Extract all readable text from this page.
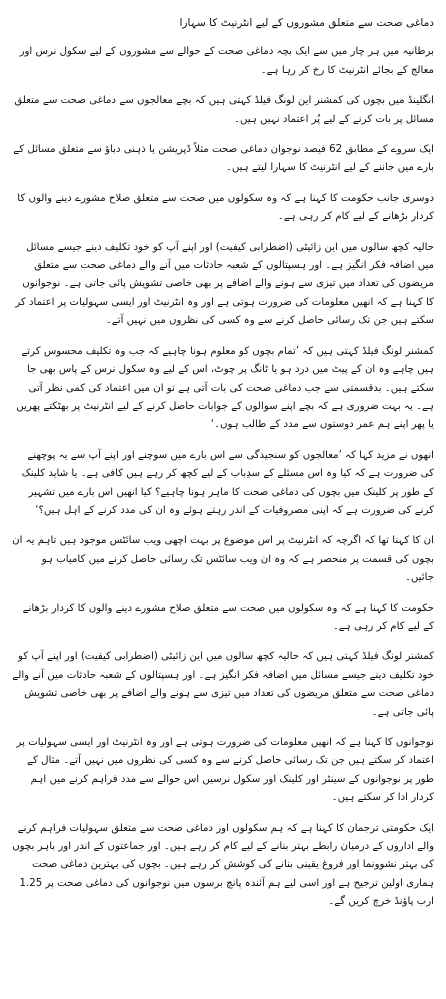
دماغی صحت سے متعلق مشوروں کے لیے انٹرنیٹ کا سہارا

برطانیہ میں ہر چار میں سے ایک بچہ دماغی صحت کے حوالے سے مشوروں کے لیے سکول نرس اور معالج کے بجائے انٹرنیٹ کا رخ کر رہا ہے۔

انگلینڈ میں بچوں کی کمشنر این لونگ فیلڈ کہتی ہیں کہ بچے معالجوں سے دماغی صحت سے متعلق مسائل پر بات کرنے کے لیے پُر اعتماد نہیں ہیں۔

ایک سروے کے مطابق 62 فیصد نوجوان دماغی صحت مثلاً ڈپریشن یا ذہنی دباؤ سے متعلق مسائل کے بارے میں جاننے کے لیے انٹرنیٹ کا سہارا لیتے ہیں۔

دوسری جانب حکومت کا کہنا ہے کہ وہ سکولوں میں صحت سے متعلق صلاح مشورے دینے والوں کا کردار بڑھانے کے لیے کام کر رہی ہے۔

حالیہ کچھ سالوں میں این زائیٹی (اضطرابی کیفیت) اور اپنے آپ کو خود تکلیف دینے جیسے مسائل میں اضافہ فکر انگیز ہے۔ اور ہسپتالوں کے شعبہ حادثات میں آنے والے دماغی صحت سے متعلق مریضوں کی تعداد میں تیزی سے ہونے والے اضافے پر بھی خاصی تشویش پائی جاتی ہے۔ نوجوانوں کا کہنا ہے کہ انھیں معلومات کی ضرورت ہوتی ہے اور وہ انٹرنیٹ اور ایسی سہولیات پر اعتماد کر سکتے ہیں جن تک رسائی حاصل کرنے سے وہ کسی کی نظروں میں نہیں آتے۔

کمشنر لونگ فیلڈ کہتی ہیں کہ ’تمام بچوں کو معلوم ہونا چاہیے کہ جب وہ تکلیف محسوس کرتے ہیں چاہے وہ ان کے پیٹ میں درد ہو یا ٹانگ پر چوٹ، اس کے لیے وہ سکول نرس کے پاس بھی جا سکتے ہیں۔ بدقسمتی سے جب دماغی صحت کی بات آتی ہے تو ان میں اعتماد کی کمی نظر آتی ہے۔ یہ بہت ضروری ہے کہ بچے اپنے سوالوں کے جوابات حاصل کرنے کے لیے انٹرنیٹ پر بھٹکتے پھریں یا پھر اپنے ہم عمر دوستوں سے مدد کے طالب ہوں۔‘

انھوں نے مزید کہا کہ ’معالجوں کو سنجیدگی سے اس بارے میں سوچنے اور اپنے آپ سے یہ پوچھنے کی ضرورت ہے کہ کیا وہ اس مسئلے کے سدِباب کے لیے کچھ کر رہے ہیں کافی ہے۔ یا شاید کلینک کے طور پر کلینک میں بچوں کی دماغی صحت کا ماہر ہونا چاہیے؟ کیا انھیں اس بارے میں تشہیر کرنے کی ضرورت ہے کہ اپنی مصروفیات کے اندر رہتے ہوئے وہ ان کی مدد کرنے کے اہل ہیں؟‘

ان کا کہنا تھا کہ اگرچہ کہ انٹرنیٹ پر اس موضوع پر بہت اچھی ویب سائٹس موجود ہیں تاہم یہ ان بچوں کی قسمت پر منحصر ہے کہ وہ ان ویب سائٹس تک رسائی حاصل کرنے میں کامیاب ہو جائیں۔

حکومت کا کہنا ہے کہ وہ سکولوں میں صحت سے متعلق صلاح مشورے دینے والوں کا کردار بڑھانے کے لیے کام کر رہی ہے۔

کمشنر لونگ فیلڈ کہتی ہیں کہ حالیہ کچھ سالوں میں این زائیٹی (اضطرابی کیفیت) اور اپنے آپ کو خود تکلیف دینے جیسے مسائل میں اضافہ فکر انگیز ہے۔ اور ہسپتالوں کے شعبہ حادثات میں آنے والے دماغی صحت سے متعلق مریضوں کی تعداد میں تیزی سے ہونے والے اضافے پر بھی خاصی تشویش پائی جاتی ہے۔

نوجوانوں کا کہنا ہے کہ انھیں معلومات کی ضرورت ہوتی ہے اور وہ انٹرنیٹ اور ایسی سہولیات پر اعتماد کر سکتے ہیں جن تک رسائی حاصل کرنے سے وہ کسی کی نظروں میں نہیں آتے۔ مثال کے طور پر نوجوانوں کے سینٹر اور کلینک اور سکول نرسیں اس حوالے سے مدد فراہم کرنے میں اہم کردار ادا کر سکتے ہیں۔

ایک حکومتی ترجمان کا کہنا ہے کہ ہم سکولوں اور دماغی صحت سے متعلق سہولیات فراہم کرنے والے اداروں کے درمیان رابطے بہتر بنانے کے لیے کام کر رہے ہیں۔ اور جماعتوں کے اندر اور باہر بچوں کی بہتر نشوونما اور فروغ یقینی بنانے کی کوشش کر رہے ہیں۔ بچوں کی بہترین دماغی صحت ہماری اولین ترجیح ہے اور اسی لیے ہم آئندہ پانچ برسوں میں نوجوانوں کی دماغی صحت پر 1.25 ارب پاؤنڈ خرچ کریں گے۔
